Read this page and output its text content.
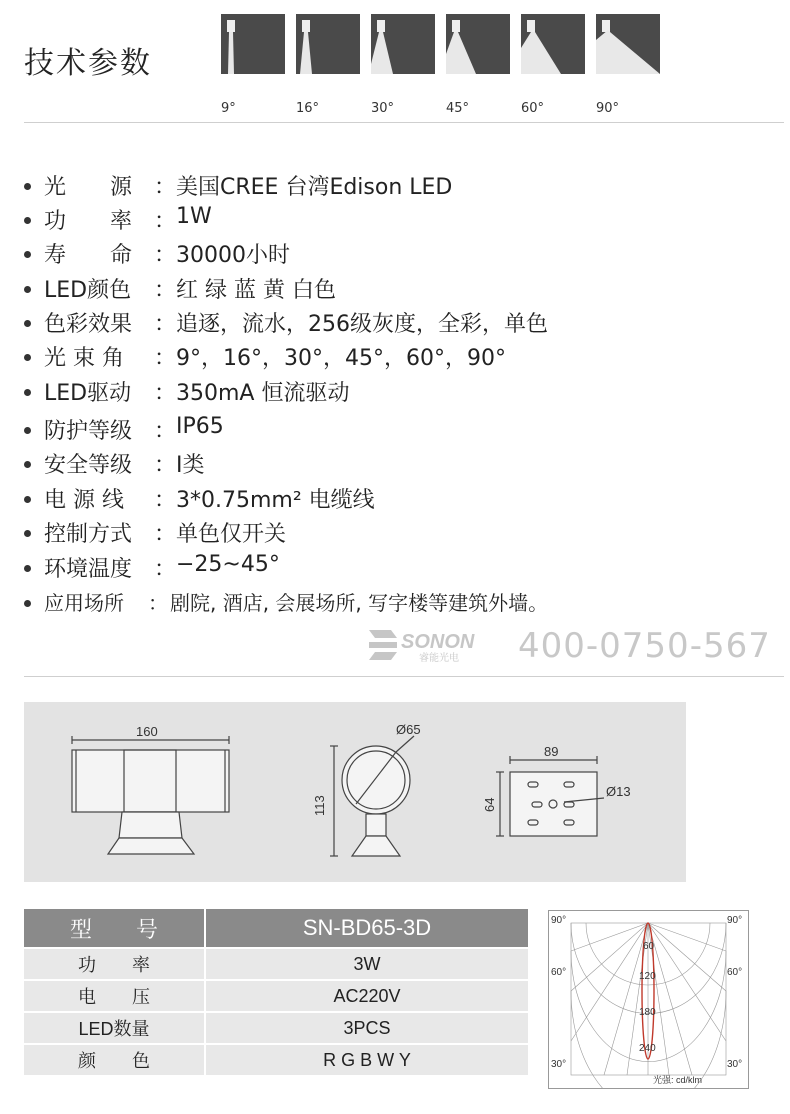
技术参数
9°	16°	30°	45°	60°	90°
光　　源 ： 美国CREE 台湾Edison LED
功　　率 ： 1W
寿　　命 ： 30000小时
LED颜色 ： 红 绿 蓝 黄 白色
色彩效果 ： 追逐，流水，256级灰度，全彩，单色
光 束 角 ： 9°，16°，30°，45°，60°，90°
LED驱动 ： 350mA 恒流驱动
防护等级 ： IP65
安全等级 ： I类
电 源 线 ： 3*0.75mm² 电缆线
控制方式 ： 单色仅开关
环境温度 ： −25~45°
应用场所 ： 剧院, 酒店, 会展场所, 写字楼等建筑外墙。
SONON
睿能光电 400-0750-567
160	Ø65
113
89
64
Ø13
型　　号	SN-BD65-3D
功　　率	3W
电　　压	AC220V
LED数量	3PCS
颜　　色	R G B W Y
90°	90°
60°	60°
30°	30°
60
120
180
240
光强: cd/klm
